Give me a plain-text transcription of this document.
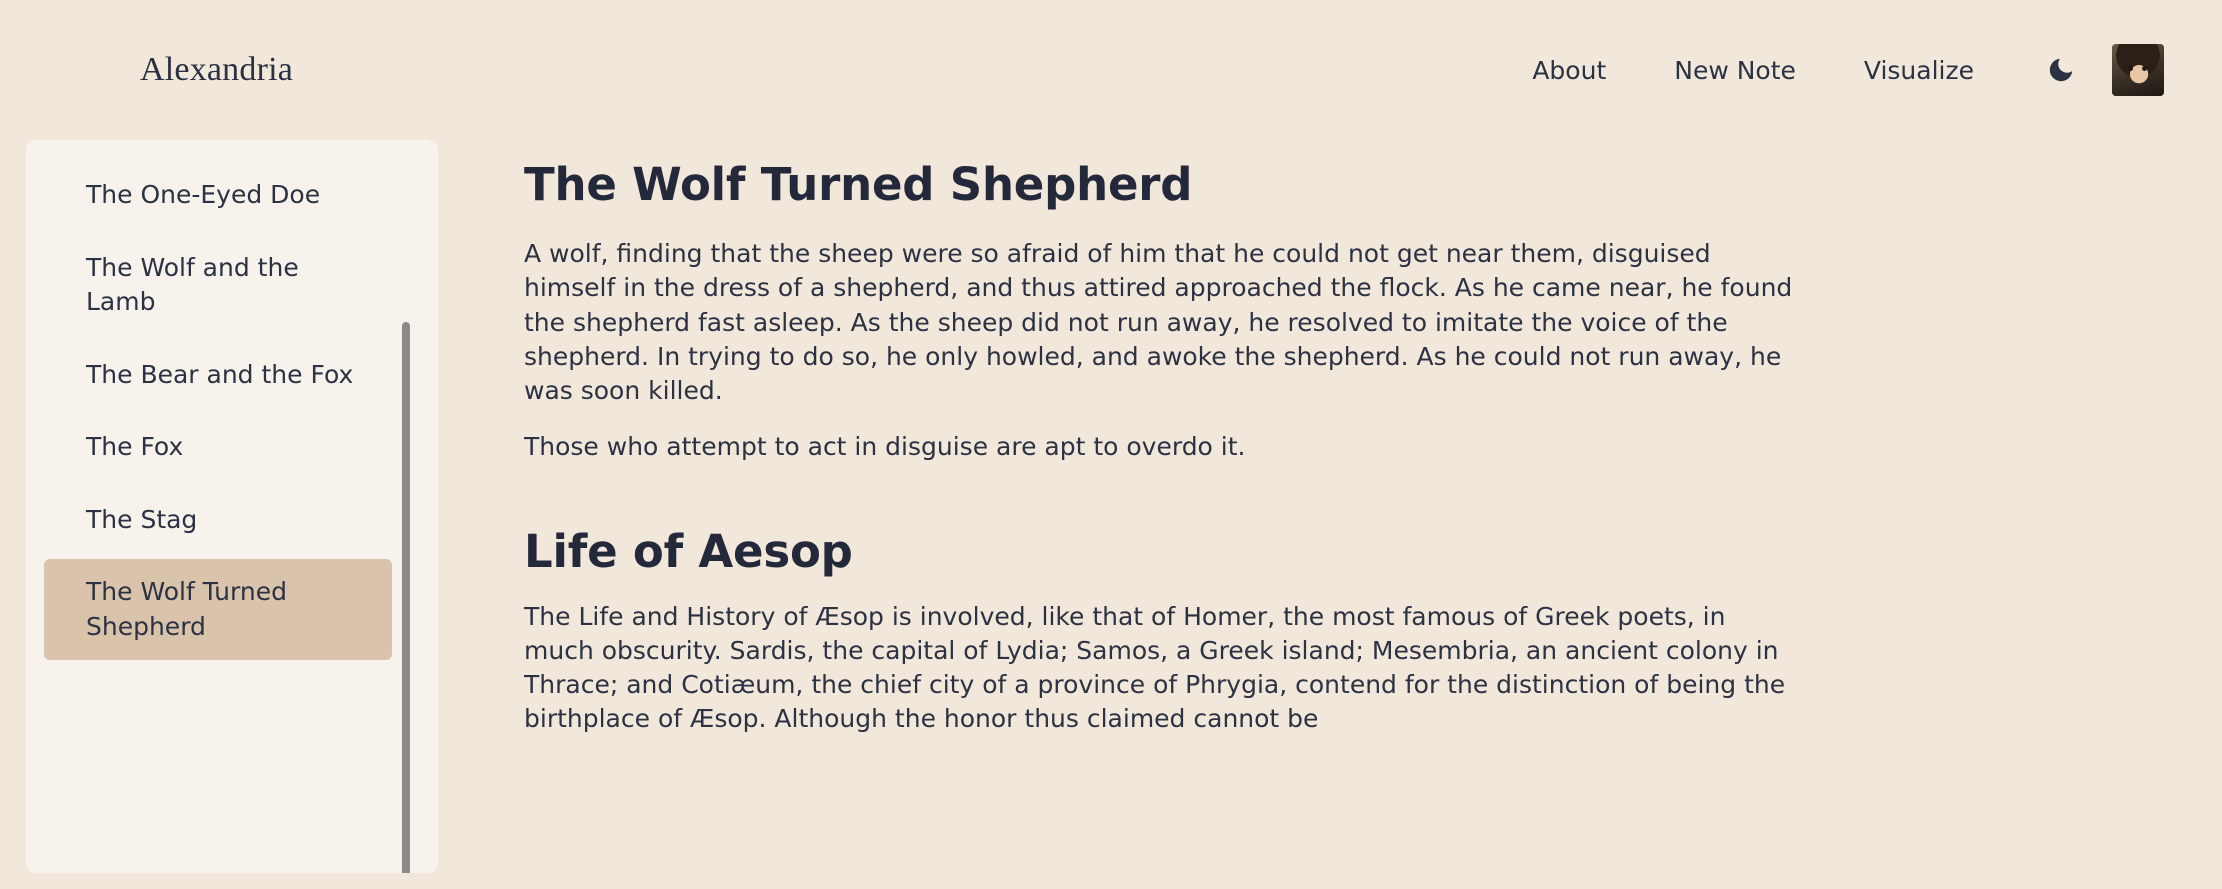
Alexandria	About	New Note	Visualize
The One-Eyed Doe
The Wolf and the Lamb
The Bear and the Fox
The Fox
The Stag
The Wolf Turned Shepherd
The Wolf Turned Shepherd

A wolf, finding that the sheep were so afraid of him that he could not get near them, disguised himself in the dress of a shepherd, and thus attired approached the flock. As he came near, he found the shepherd fast asleep. As the sheep did not run away, he resolved to imitate the voice of the shepherd. In trying to do so, he only howled, and awoke the shepherd. As he could not run away, he was soon killed.

Those who attempt to act in disguise are apt to overdo it.

Life of Aesop

The Life and History of Æsop is involved, like that of Homer, the most famous of Greek poets, in much obscurity. Sardis, the capital of Lydia; Samos, a Greek island; Mesembria, an ancient colony in Thrace; and Cotiæum, the chief city of a province of Phrygia, contend for the distinction of being the birthplace of Æsop. Although the honor thus claimed cannot be
